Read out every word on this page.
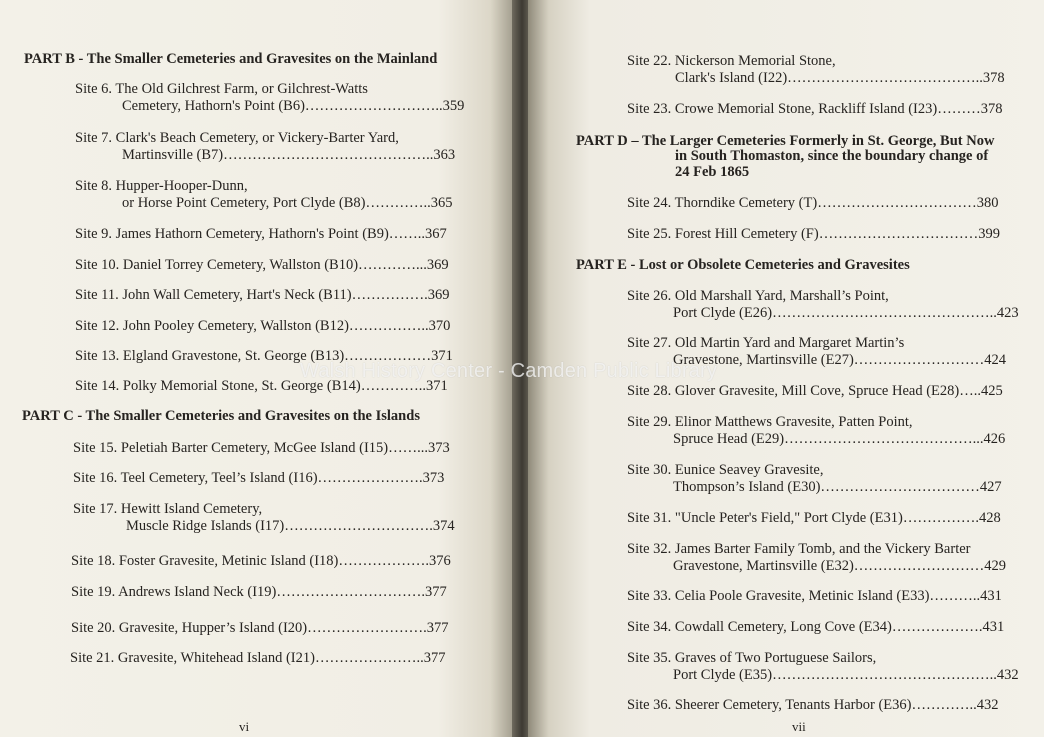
PART B - The Smaller Cemeteries and Gravesites on the Mainland
Site 6. The Old Gilchrest Farm, or Gilchrest-Watts
Cemetery, Hathorn's Point (B6)………………………..359
Site 7. Clark's Beach Cemetery, or Vickery-Barter Yard,
Martinsville (B7)……………………………………..363
Site 8. Hupper-Hooper-Dunn,
or Horse Point Cemetery, Port Clyde (B8)…………..365
Site 9. James Hathorn Cemetery, Hathorn's Point (B9)……..367
Site 10. Daniel Torrey Cemetery, Wallston (B10)…………...369
Site 11. John Wall Cemetery, Hart's Neck (B11)…………….369
Site 12. John Pooley Cemetery, Wallston (B12)……………..370
Site 13. Elgland Gravestone, St. George (B13)………………371
Site 14. Polky Memorial Stone, St. George (B14)…………..371
PART C - The Smaller Cemeteries and Gravesites on the Islands
Site 15. Peletiah Barter Cemetery, McGee Island (I15)……...373
Site 16. Teel Cemetery, Teel’s Island (I16)………………….373
Site 17. Hewitt Island Cemetery,
Muscle Ridge Islands (I17)………………………….374
Site 18. Foster Gravesite, Metinic Island (I18)……………….376
Site 19. Andrews Island Neck (I19)………………………….377
Site 20. Gravesite, Hupper’s Island (I20)…………………….377
Site 21. Gravesite, Whitehead Island (I21)…………………..377
vi
Site 22. Nickerson Memorial Stone,
Clark's Island (I22)…………………………………..378
Site 23. Crowe Memorial Stone, Rackliff Island (I23)………378
PART D – The Larger Cemeteries Formerly in St. George, But Now
in South Thomaston, since the boundary change of
24 Feb 1865
Site 24. Thorndike Cemetery (T)……………………………380
Site 25. Forest Hill Cemetery (F)……………………………399
PART E - Lost or Obsolete Cemeteries and Gravesites
Site 26. Old Marshall Yard, Marshall’s Point,
Port Clyde (E26)………………………………………..423
Site 27. Old Martin Yard and Margaret Martin’s
Gravestone, Martinsville (E27)………………………424
Site 28. Glover Gravesite, Mill Cove, Spruce Head (E28)…..425
Site 29. Elinor Matthews Gravesite, Patten Point,
Spruce Head (E29)…………………………………...426
Site 30. Eunice Seavey Gravesite,
Thompson’s Island (E30)……………………………427
Site 31. "Uncle Peter's Field," Port Clyde (E31)…………….428
Site 32. James Barter Family Tomb, and the Vickery Barter
Gravestone, Martinsville (E32)………………………429
Site 33. Celia Poole Gravesite, Metinic Island (E33)………..431
Site 34. Cowdall Cemetery, Long Cove (E34)……………….431
Site 35. Graves of Two Portuguese Sailors,
Port Clyde (E35)………………………………………..432
Site 36. Sheerer Cemetery, Tenants Harbor (E36)…………..432
vii
Walsh History Center - Camden Public Library
